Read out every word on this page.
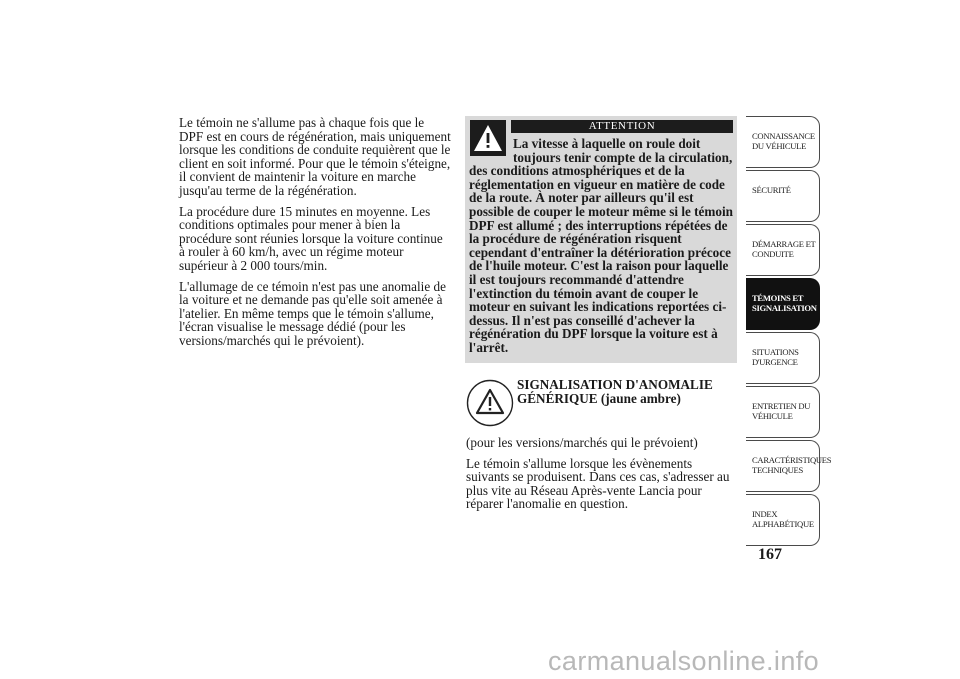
Le témoin ne s'allume pas à chaque fois que le DPF est en cours de régénération, mais uniquement lorsque les conditions de conduite requièrent que le client en soit informé. Pour que le témoin s'éteigne, il convient de maintenir la voiture en marche jusqu'au terme de la régénération.

La procédure dure 15 minutes en moyenne. Les conditions optimales pour mener à bien la procédure sont réunies lorsque la voiture continue à rouler à 60 km/h, avec un régime moteur supérieur à 2 000 tours/min.

L'allumage de ce témoin n'est pas une anomalie de la voiture et ne demande pas qu'elle soit amenée à l'atelier. En même temps que le témoin s'allume, l'écran visualise le message dédié (pour les versions/marchés qui le prévoient).

ATTENTION

La vitesse à laquelle on roule doit toujours tenir compte de la circulation, des conditions atmosphériques et de la réglementation en vigueur en matière de code de la route. À noter par ailleurs qu'il est possible de couper le moteur même si le témoin DPF est allumé ; des interruptions répétées de la procédure de régénération risquent cependant d'entraîner la détérioration précoce de l'huile moteur. C'est la raison pour laquelle il est toujours recommandé d'attendre l'extinction du témoin avant de couper le moteur en suivant les indications reportées ci-dessus. Il n'est pas conseillé d'achever la régénération du DPF lorsque la voiture est à l'arrêt.

SIGNALISATION D'ANOMALIE GÉNÉRIQUE (jaune ambre)

(pour les versions/marchés qui le prévoient)

Le témoin s'allume lorsque les évènements suivants se produisent. Dans ces cas, s'adresser au plus vite au Réseau Après-vente Lancia pour réparer l'anomalie en question.

CONNAISSANCE DU VÉHICULE
SÉCURITÉ
DÉMARRAGE ET CONDUITE
TÉMOINS ET SIGNALISATION
SITUATIONS D'URGENCE
ENTRETIEN DU VÉHICULE
CARACTÉRISTIQUES TECHNIQUES
INDEX ALPHABÉTIQUE
167
carmanualsonline.info
